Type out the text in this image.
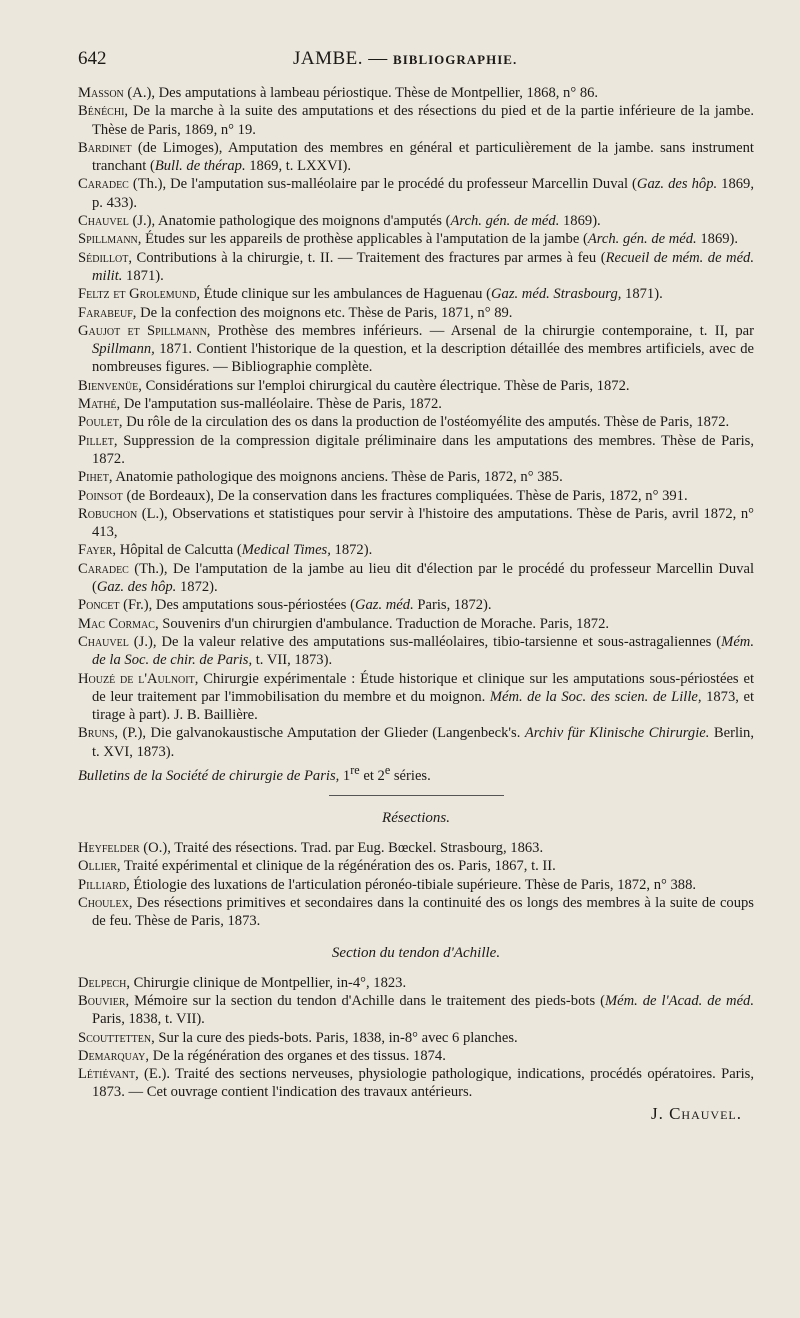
642	JAMBE. — BIBLIOGRAPHIE.
Masson (A.), Des amputations à lambeau périostique. Thèse de Montpellier, 1868, n° 86.
Bénéchi, De la marche à la suite des amputations et des résections du pied et de la partie inférieure de la jambe. Thèse de Paris, 1869, n° 19.
Bardinet (de Limoges), Amputation des membres en général et particulièrement de la jambe. sans instrument tranchant (Bull. de thérap. 1869, t. LXXVI).
Caradec (Th.), De l'amputation sus-malléolaire par le procédé du professeur Marcellin Duval (Gaz. des hôp. 1869, p. 433).
Chauvel (J.), Anatomie pathologique des moignons d'amputés (Arch. gén. de méd. 1869).
Spillmann, Études sur les appareils de prothèse applicables à l'amputation de la jambe (Arch. gén. de méd. 1869).
Sédillot, Contributions à la chirurgie, t. II. — Traitement des fractures par armes à feu (Recueil de mém. de méd. milit. 1871).
Feltz et Grolemund, Étude clinique sur les ambulances de Haguenau (Gaz. méd. Strasbourg, 1871).
Farabeuf, De la confection des moignons etc. Thèse de Paris, 1871, n° 89.
Gaujot et Spillmann, Prothèse des membres inférieurs. — Arsenal de la chirurgie contemporaine, t. II, par Spillmann, 1871. Contient l'historique de la question, et la description détaillée des membres artificiels, avec de nombreuses figures. — Bibliographie complète.
Bienvenüe, Considérations sur l'emploi chirurgical du cautère électrique. Thèse de Paris, 1872.
Mathé, De l'amputation sus-malléolaire. Thèse de Paris, 1872.
Poulet, Du rôle de la circulation des os dans la production de l'ostéomyélite des amputés. Thèse de Paris, 1872.
Pillet, Suppression de la compression digitale préliminaire dans les amputations des membres. Thèse de Paris, 1872.
Pihet, Anatomie pathologique des moignons anciens. Thèse de Paris, 1872, n° 385.
Poinsot (de Bordeaux), De la conservation dans les fractures compliquées. Thèse de Paris, 1872, n° 391.
Robuchon (L.), Observations et statistiques pour servir à l'histoire des amputations. Thèse de Paris, avril 1872, n° 413,
Fayer, Hôpital de Calcutta (Medical Times, 1872).
Caradec (Th.), De l'amputation de la jambe au lieu dit d'élection par le procédé du professeur Marcellin Duval (Gaz. des hôp. 1872).
Poncet (Fr.), Des amputations sous-périostées (Gaz. méd. Paris, 1872).
Mac Cormac, Souvenirs d'un chirurgien d'ambulance. Traduction de Morache. Paris, 1872.
Chauvel (J.), De la valeur relative des amputations sus-malléolaires, tibio-tarsienne et sous-astragaliennes (Mém. de la Soc. de chir. de Paris, t. VII, 1873).
Houzé de l'Aulnoit, Chirurgie expérimentale : Étude historique et clinique sur les amputations sous-périostées et de leur traitement par l'immobilisation du membre et du moignon. Mém. de la Soc. des scien. de Lille, 1873, et tirage à part). J. B. Baillière.
Bruns, (P.), Die galvanokaustische Amputation der Glieder (Langenbeck's. Archiv für Klinische Chirurgie. Berlin, t. XVI, 1873).
Bulletins de la Société de chirurgie de Paris, 1re et 2e séries.
Résections.
Heyfelder (O.), Traité des résections. Trad. par Eug. Bœckel. Strasbourg, 1863.
Ollier, Traité expérimental et clinique de la régénération des os. Paris, 1867, t. II.
Pilliard, Étiologie des luxations de l'articulation péronéo-tibiale supérieure. Thèse de Paris, 1872, n° 388.
Choulex, Des résections primitives et secondaires dans la continuité des os longs des membres à la suite de coups de feu. Thèse de Paris, 1873.
Section du tendon d'Achille.
Delpech, Chirurgie clinique de Montpellier, in-4°, 1823.
Bouvier, Mémoire sur la section du tendon d'Achille dans le traitement des pieds-bots (Mém. de l'Acad. de méd. Paris, 1838, t. VII).
Scouttetten, Sur la cure des pieds-bots. Paris, 1838, in-8° avec 6 planches.
Demarquay, De la régénération des organes et des tissus. 1874.
Létiévant, (E.). Traité des sections nerveuses, physiologie pathologique, indications, procédés opératoires. Paris, 1873. — Cet ouvrage contient l'indication des travaux antérieurs.
J. Chauvel.
